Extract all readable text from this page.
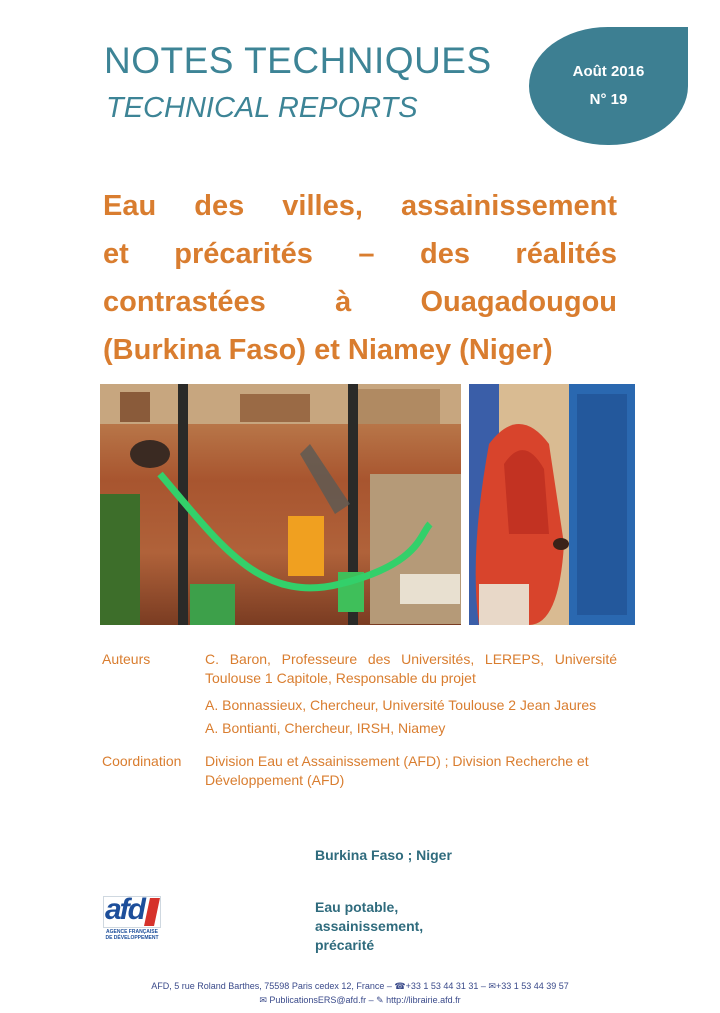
NOTES TECHNIQUES
TECHNICAL REPORTS
Août 2016
N° 19
Eau des villes, assainissement
et précarités – des réalités
contrastées à Ouagadougou
(Burkina Faso) et Niamey (Niger)
Auteurs	C. Baron, Professeure des Universités, LEREPS, Université Toulouse 1 Capitole, Responsable du projet
A. Bonnassieux, Chercheur, Université Toulouse 2 Jean Jaures
A. Bontianti, Chercheur, IRSH, Niamey
Coordination Division Eau et Assainissement (AFD) ; Division Recherche et Développement (AFD)
Burkina Faso ; Niger
Eau potable, assainissement, précarité
afd
AGENCE FRANÇAISE DE DÉVELOPPEMENT
AFD, 5 rue Roland Barthes, 75598 Paris cedex 12, France – ☎+33 1 53 44 31 31 – ✉+33 1 53 44 39 57
✉ PublicationsERS@afd.fr – ✎ http://librairie.afd.fr
